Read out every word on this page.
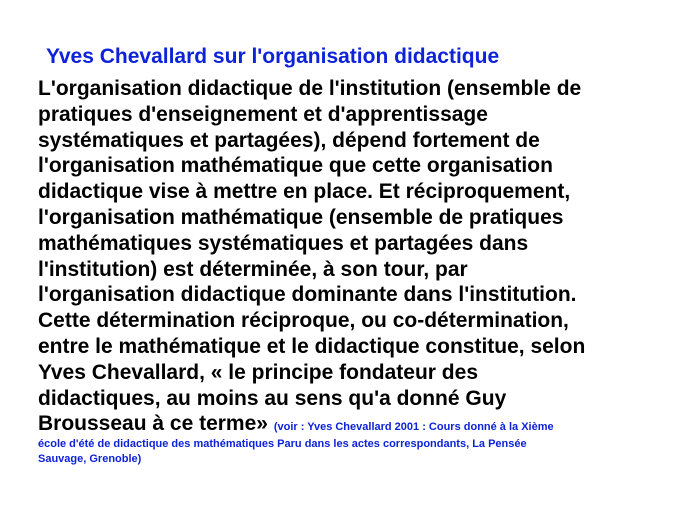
Yves Chevallard sur l'organisation didactique
L'organisation didactique de l'institution (ensemble de
pratiques d'enseignement et d'apprentissage
systématiques et partagées), dépend fortement de
l'organisation mathématique que cette organisation
didactique vise à mettre en place. Et réciproquement,
l'organisation mathématique (ensemble de pratiques
mathématiques systématiques et partagées dans
l'institution) est déterminée, à son tour, par
l'organisation didactique dominante dans l'institution.
Cette détermination réciproque, ou co-détermination,
entre le mathématique et le didactique constitue, selon
Yves Chevallard, « le principe fondateur des
didactiques, au moins au sens qu'a donné Guy
Brousseau à ce terme» (voir : Yves Chevallard 2001 : Cours donné à la Xième
école d'été de didactique des mathématiques Paru dans les actes correspondants, La Pensée
Sauvage, Grenoble)
